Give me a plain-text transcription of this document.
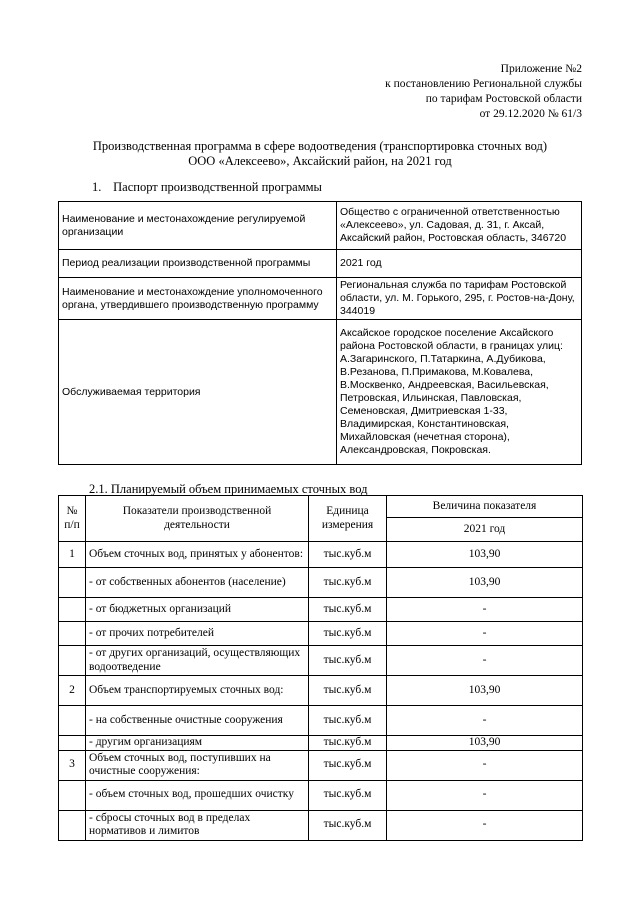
Приложение №2
к постановлению Региональной службы
по тарифам Ростовской области
от 29.12.2020 № 61/3
Производственная программа в сфере водоотведения (транспортировка сточных вод)
ООО «Алексеево», Аксайский район, на 2021 год
1. Паспорт производственной программы
Наименование и местонахождение регулируемой организации	Общество с ограниченной ответственностью «Алексеево», ул. Садовая, д. 31, г. Аксай, Аксайский район, Ростовская область, 346720
Период реализации производственной программы	2021 год
Наименование и местонахождение уполномоченного органа, утвердившего производственную программу	Региональная служба по тарифам Ростовской области, ул. М. Горького, 295, г. Ростов-на-Дону, 344019
Обслуживаемая территория	Аксайское городское поселение Аксайского района Ростовской области, в границах улиц: А.Загаринского, П.Татаркина, А.Дубикова, В.Резанова, П.Примакова, М.Ковалева, В.Москвенко, Андреевская, Васильевская, Петровская, Ильинская, Павловская, Семеновская, Дмитриевская 1-33, Владимирская, Константиновская, Михайловская (нечетная сторона), Александровская, Покровская.
2.1. Планируемый объем принимаемых сточных вод
№ п/п	Показатели производственной деятельности	Единица измерения	Величина показателя
			2021 год
1	Объем сточных вод, принятых у абонентов:	тыс.куб.м	103,90
	- от собственных абонентов (население)	тыс.куб.м	103,90
	- от бюджетных организаций	тыс.куб.м	-
	- от прочих потребителей	тыс.куб.м	-
	- от других организаций, осуществляющих водоотведение	тыс.куб.м	-
2	Объем транспортируемых сточных вод:	тыс.куб.м	103,90
	- на собственные очистные сооружения	тыс.куб.м	-
	- другим организациям	тыс.куб.м	103,90
3	Объем сточных вод, поступивших на очистные сооружения:	тыс.куб.м	-
	- объем сточных вод, прошедших очистку	тыс.куб.м	-
	- сбросы сточных вод в пределах нормативов и лимитов	тыс.куб.м	-
